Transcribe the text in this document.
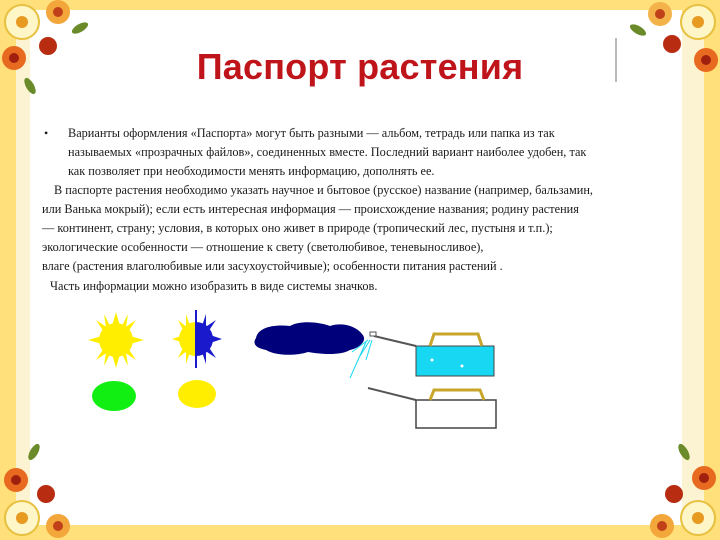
Паспорт растения
• Варианты оформления «Паспорта» могут быть разными — альбом, тетрадь или папка из так
называемых «прозрачных файлов», соединенных вместе. Последний вариант наиболее удобен, так
как позволяет при необходимости менять информацию, дополнять ее.
В паспорте растения необходимо указать научное и бытовое (русское) название (например, бальзамин,
или Ванька мокрый); если есть интересная информация — происхождение названия; родину растения
— континент, страну; условия, в которых оно живет в природе (тропический лес, пустыня и т.п.);
экологические особенности — отношение к свету (светолюбивое, теневыносливое),
влаге (растения влаголюбивые или засухоустойчивые); особенности питания растений .
Часть информации можно изобразить в виде системы значков.
